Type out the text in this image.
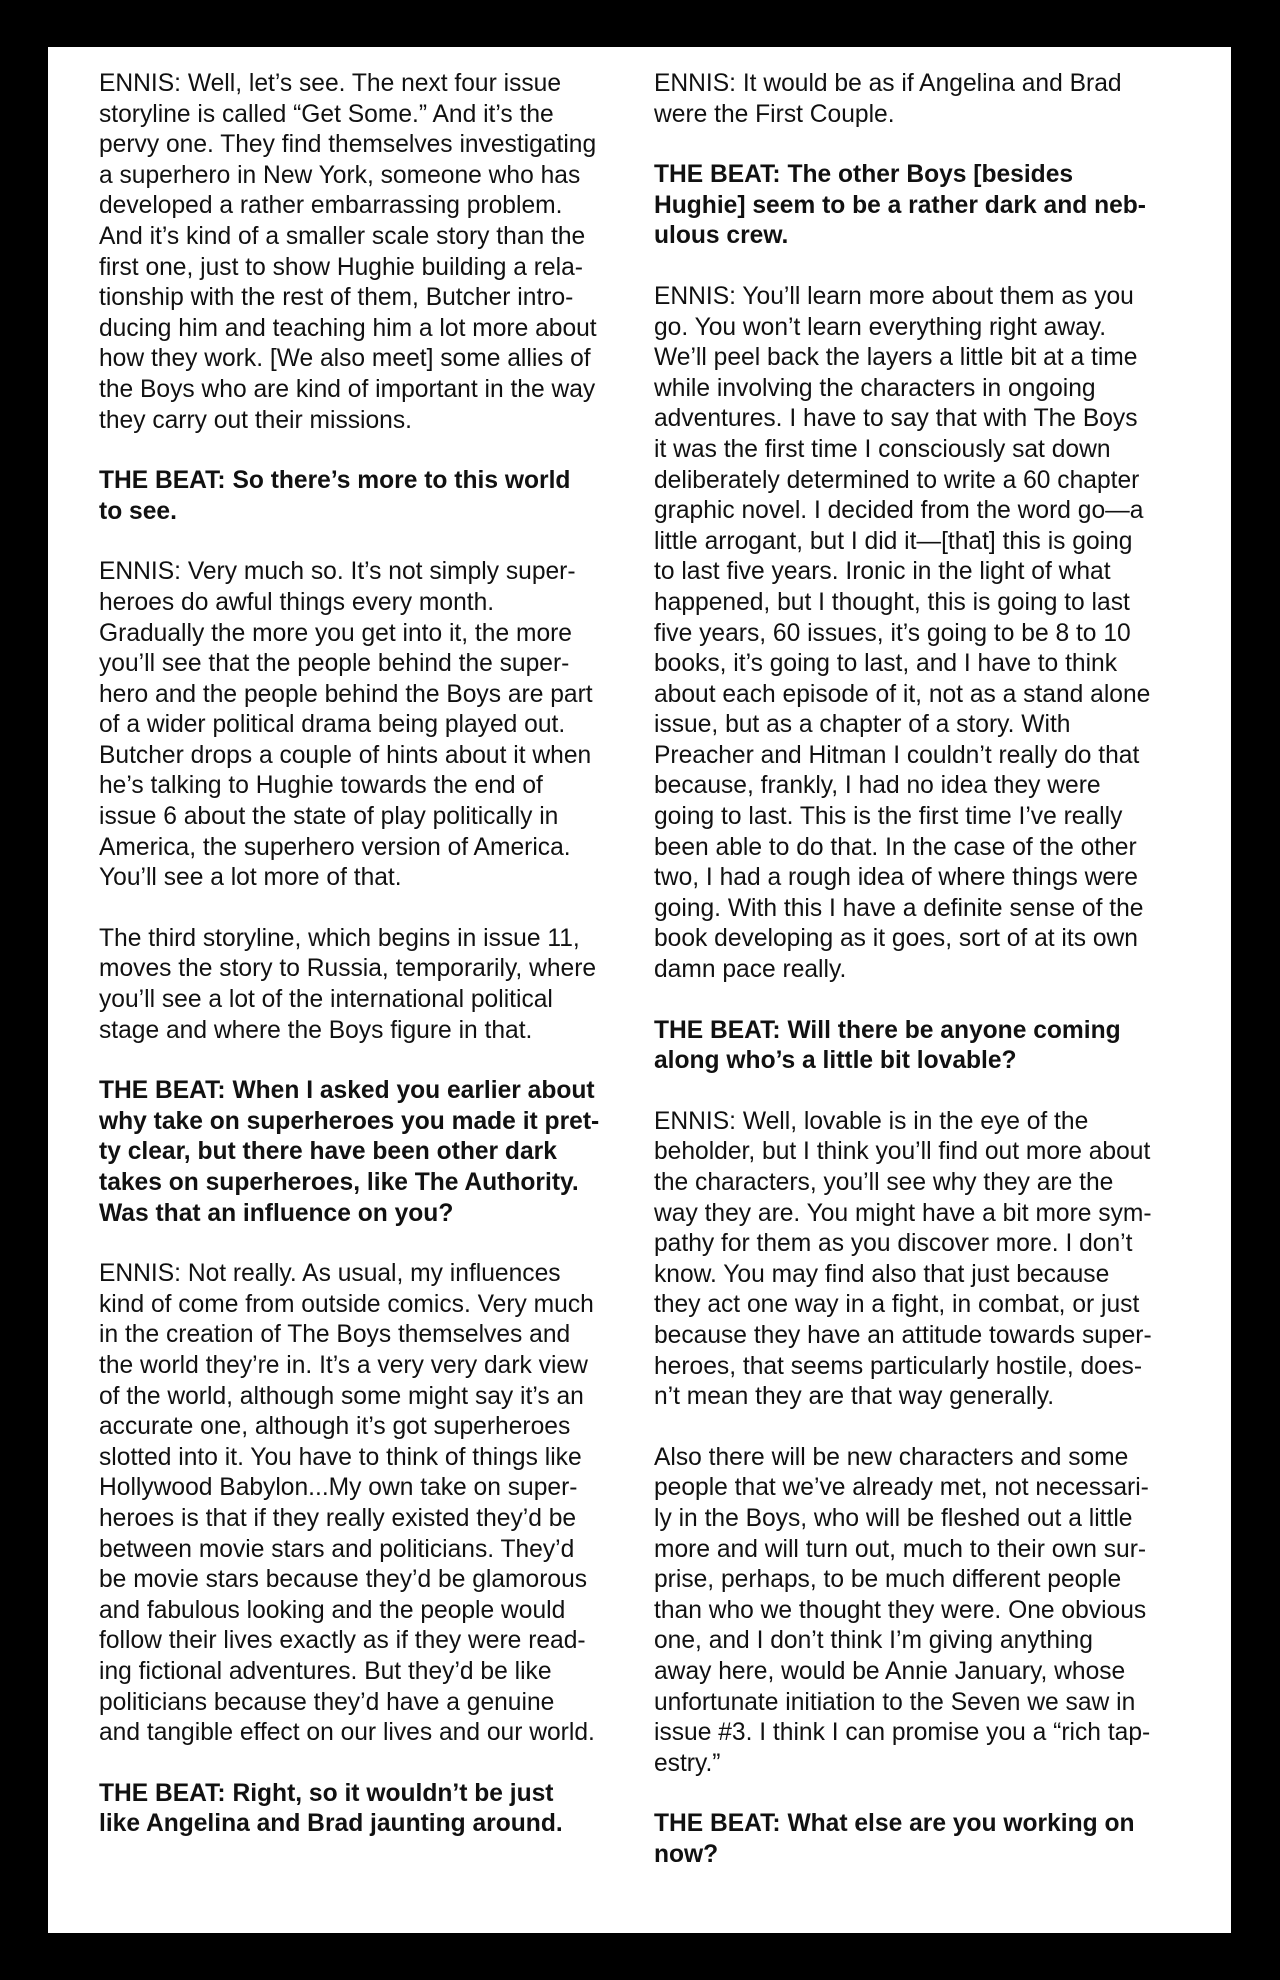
ENNIS: Well, let’s see. The next four issue
storyline is called “Get Some.” And it’s the
pervy one. They find themselves investigating
a superhero in New York, someone who has
developed a rather embarrassing problem.
And it’s kind of a smaller scale story than the
first one, just to show Hughie building a rela-
tionship with the rest of them, Butcher intro-
ducing him and teaching him a lot more about
how they work. [We also meet] some allies of
the Boys who are kind of important in the way
they carry out their missions.

THE BEAT: So there’s more to this world
to see.

ENNIS: Very much so. It’s not simply super-
heroes do awful things every month.
Gradually the more you get into it, the more
you’ll see that the people behind the super-
hero and the people behind the Boys are part
of a wider political drama being played out.
Butcher drops a couple of hints about it when
he’s talking to Hughie towards the end of
issue 6 about the state of play politically in
America, the superhero version of America.
You’ll see a lot more of that.

The third storyline, which begins in issue 11,
moves the story to Russia, temporarily, where
you’ll see a lot of the international political
stage and where the Boys figure in that.

THE BEAT: When I asked you earlier about
why take on superheroes you made it pret-
ty clear, but there have been other dark
takes on superheroes, like The Authority.
Was that an influence on you?

ENNIS: Not really. As usual, my influences
kind of come from outside comics. Very much
in the creation of The Boys themselves and
the world they’re in. It’s a very very dark view
of the world, although some might say it’s an
accurate one, although it’s got superheroes
slotted into it. You have to think of things like
Hollywood Babylon...My own take on super-
heroes is that if they really existed they’d be
between movie stars and politicians. They’d
be movie stars because they’d be glamorous
and fabulous looking and the people would
follow their lives exactly as if they were read-
ing fictional adventures. But they’d be like
politicians because they’d have a genuine
and tangible effect on our lives and our world.

THE BEAT: Right, so it wouldn’t be just
like Angelina and Brad jaunting around.

ENNIS: It would be as if Angelina and Brad
were the First Couple.

THE BEAT: The other Boys [besides
Hughie] seem to be a rather dark and neb-
ulous crew.

ENNIS: You’ll learn more about them as you
go. You won’t learn everything right away.
We’ll peel back the layers a little bit at a time
while involving the characters in ongoing
adventures. I have to say that with The Boys
it was the first time I consciously sat down
deliberately determined to write a 60 chapter
graphic novel. I decided from the word go—a
little arrogant, but I did it—[that] this is going
to last five years. Ironic in the light of what
happened, but I thought, this is going to last
five years, 60 issues, it’s going to be 8 to 10
books, it’s going to last, and I have to think
about each episode of it, not as a stand alone
issue, but as a chapter of a story. With
Preacher and Hitman I couldn’t really do that
because, frankly, I had no idea they were
going to last. This is the first time I’ve really
been able to do that. In the case of the other
two, I had a rough idea of where things were
going. With this I have a definite sense of the
book developing as it goes, sort of at its own
damn pace really.

THE BEAT: Will there be anyone coming
along who’s a little bit lovable?

ENNIS: Well, lovable is in the eye of the
beholder, but I think you’ll find out more about
the characters, you’ll see why they are the
way they are. You might have a bit more sym-
pathy for them as you discover more. I don’t
know. You may find also that just because
they act one way in a fight, in combat, or just
because they have an attitude towards super-
heroes, that seems particularly hostile, does-
n’t mean they are that way generally.

Also there will be new characters and some
people that we’ve already met, not necessari-
ly in the Boys, who will be fleshed out a little
more and will turn out, much to their own sur-
prise, perhaps, to be much different people
than who we thought they were. One obvious
one, and I don’t think I’m giving anything
away here, would be Annie January, whose
unfortunate initiation to the Seven we saw in
issue #3. I think I can promise you a “rich tap-
estry.”

THE BEAT: What else are you working on
now?
